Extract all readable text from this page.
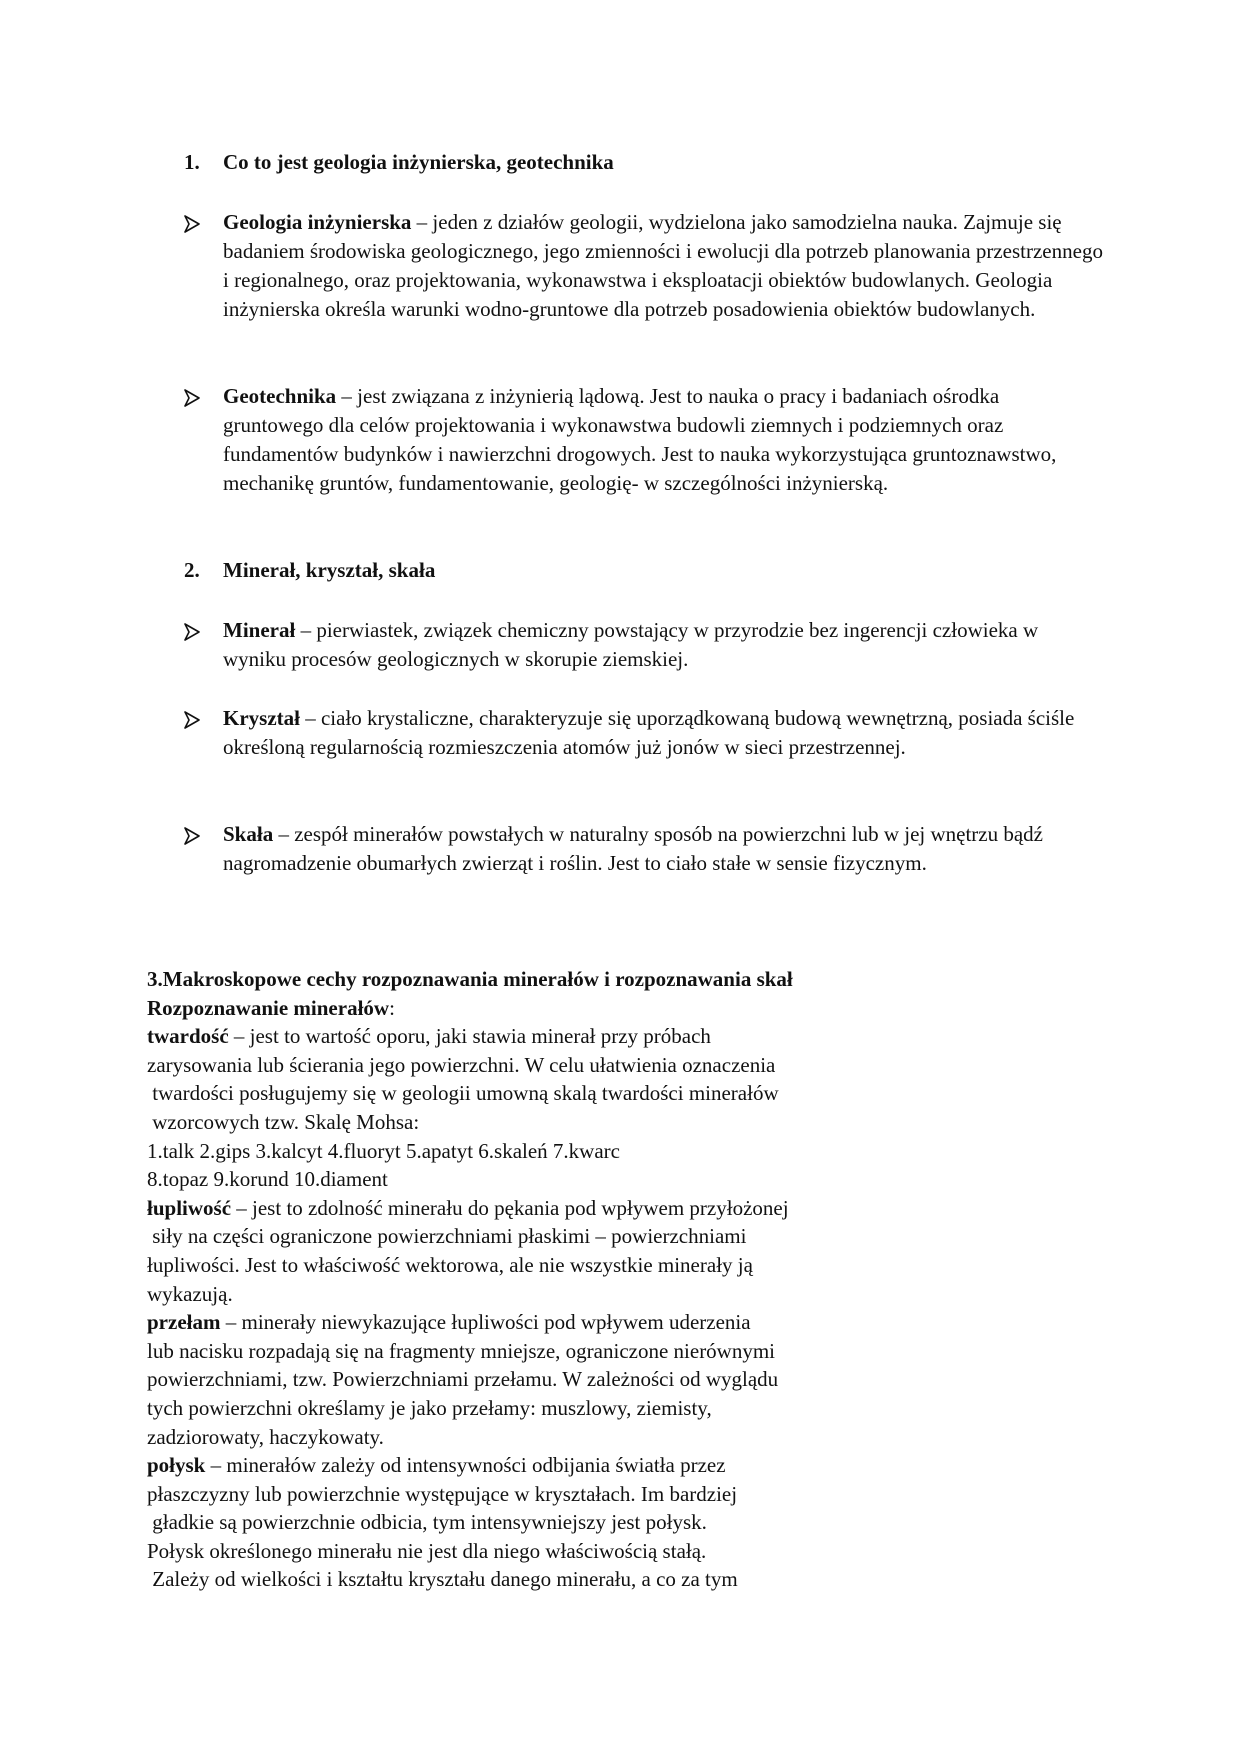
1.	Co to jest geologia inżynierska, geotechnika
Geologia inżynierska – jeden z działów geologii, wydzielona jako samodzielna nauka. Zajmuje się badaniem środowiska geologicznego, jego zmienności i ewolucji dla potrzeb planowania przestrzennego i regionalnego, oraz projektowania, wykonawstwa i eksploatacji obiektów budowlanych. Geologia inżynierska określa warunki wodno-gruntowe dla potrzeb posadowienia obiektów budowlanych.
Geotechnika – jest związana z inżynierią lądową. Jest to nauka o pracy i badaniach ośrodka gruntowego dla celów projektowania i wykonawstwa budowli ziemnych i podziemnych oraz fundamentów budynków i nawierzchni drogowych. Jest to nauka wykorzystująca gruntoznawstwo, mechanikę gruntów, fundamentowanie, geologię- w szczególności inżynierską.
2.	Minerał, kryształ, skała
Minerał – pierwiastek, związek chemiczny powstający w przyrodzie bez ingerencji człowieka w wyniku procesów geologicznych w skorupie ziemskiej.
Kryształ – ciało krystaliczne, charakteryzuje się uporządkowaną budową wewnętrzną, posiada ściśle określoną regularnością rozmieszczenia atomów już jonów w sieci przestrzennej.
Skała – zespół minerałów powstałych w naturalny sposób na powierzchni lub w jej wnętrzu bądź nagromadzenie obumarłych zwierząt i roślin. Jest to ciało stałe w sensie fizycznym.
3.Makroskopowe cechy rozpoznawania minerałów i rozpoznawania skał
Rozpoznawanie minerałów:
twardość – jest to wartość oporu, jaki stawia minerał przy próbach
zarysowania lub ścierania jego powierzchni. W celu ułatwienia oznaczenia
twardości posługujemy się w geologii umowną skalą twardości minerałów
wzorcowych tzw. Skalę Mohsa:
1.talk 2.gips 3.kalcyt 4.fluoryt 5.apatyt 6.skaleń 7.kwarc
8.topaz 9.korund 10.diament
łupliwość – jest to zdolność minerału do pękania pod wpływem przyłożonej
siły na części ograniczone powierzchniami płaskimi – powierzchniami
łupliwości. Jest to właściwość wektorowa, ale nie wszystkie minerały ją
wykazują.
przełam – minerały niewykazujące łupliwości pod wpływem uderzenia
lub nacisku rozpadają się na fragmenty mniejsze, ograniczone nierównymi
powierzchniami, tzw. Powierzchniami przełamu. W zależności od wyglądu
tych powierzchni określamy je jako przełamy: muszlowy, ziemisty,
zadziorowaty, haczykowaty.
połysk – minerałów zależy od intensywności odbijania światła przez
płaszczyzny lub powierzchnie występujące w kryształach. Im bardziej
gładkie są powierzchnie odbicia, tym intensywniejszy jest połysk.
Połysk określonego minerału nie jest dla niego właściwością stałą.
Zależy od wielkości i kształtu kryształu danego minerału, a co za tym
